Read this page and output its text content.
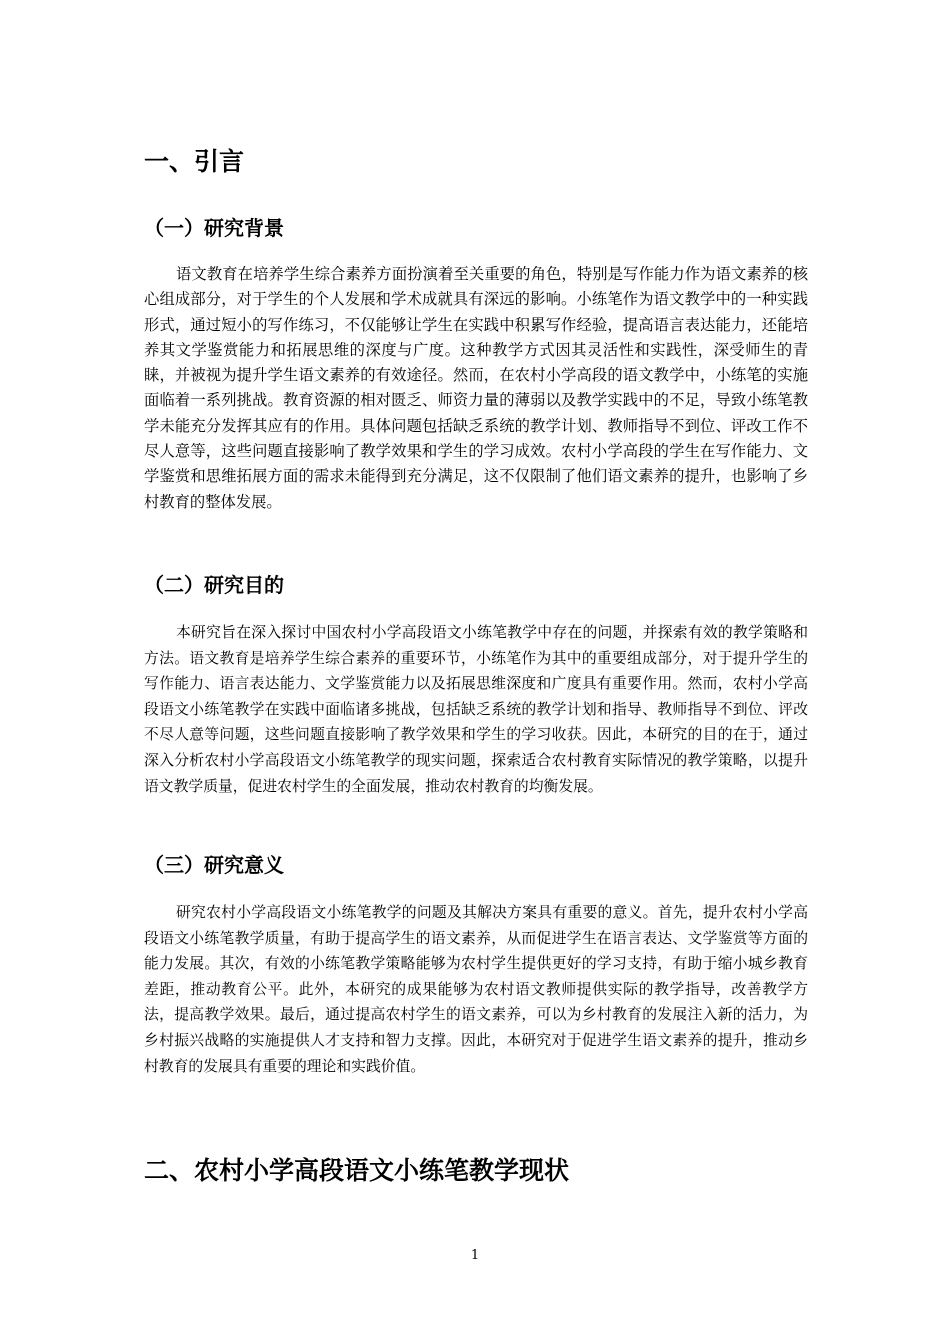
一、引言
（一）研究背景

语文教育在培养学生综合素养方面扮演着至关重要的角色，特别是写作能力作为语文素养的核心组成部分，对于学生的个人发展和学术成就具有深远的影响。小练笔作为语文教学中的一种实践形式，通过短小的写作练习，不仅能够让学生在实践中积累写作经验，提高语言表达能力，还能培养其文学鉴赏能力和拓展思维的深度与广度。这种教学方式因其灵活性和实践性，深受师生的青睐，并被视为提升学生语文素养的有效途径。然而，在农村小学高段的语文教学中，小练笔的实施面临着一系列挑战。教育资源的相对匮乏、师资力量的薄弱以及教学实践中的不足，导致小练笔教学未能充分发挥其应有的作用。具体问题包括缺乏系统的教学计划、教师指导不到位、评改工作不尽人意等，这些问题直接影响了教学效果和学生的学习成效。农村小学高段的学生在写作能力、文学鉴赏和思维拓展方面的需求未能得到充分满足，这不仅限制了他们语文素养的提升，也影响了乡村教育的整体发展。

（二）研究目的

本研究旨在深入探讨中国农村小学高段语文小练笔教学中存在的问题，并探索有效的教学策略和方法。语文教育是培养学生综合素养的重要环节，小练笔作为其中的重要组成部分，对于提升学生的写作能力、语言表达能力、文学鉴赏能力以及拓展思维深度和广度具有重要作用。然而，农村小学高段语文小练笔教学在实践中面临诸多挑战，包括缺乏系统的教学计划和指导、教师指导不到位、评改不尽人意等问题，这些问题直接影响了教学效果和学生的学习收获。因此，本研究的目的在于，通过深入分析农村小学高段语文小练笔教学的现实问题，探索适合农村教育实际情况的教学策略，以提升语文教学质量，促进农村学生的全面发展，推动农村教育的均衡发展。

（三）研究意义

研究农村小学高段语文小练笔教学的问题及其解决方案具有重要的意义。首先，提升农村小学高段语文小练笔教学质量，有助于提高学生的语文素养，从而促进学生在语言表达、文学鉴赏等方面的能力发展。其次，有效的小练笔教学策略能够为农村学生提供更好的学习支持，有助于缩小城乡教育差距，推动教育公平。此外，本研究的成果能够为农村语文教师提供实际的教学指导，改善教学方法，提高教学效果。最后，通过提高农村学生的语文素养，可以为乡村教育的发展注入新的活力，为乡村振兴战略的实施提供人才支持和智力支撑。因此，本研究对于促进学生语文素养的提升，推动乡村教育的发展具有重要的理论和实践价值。

二、农村小学高段语文小练笔教学现状
1
